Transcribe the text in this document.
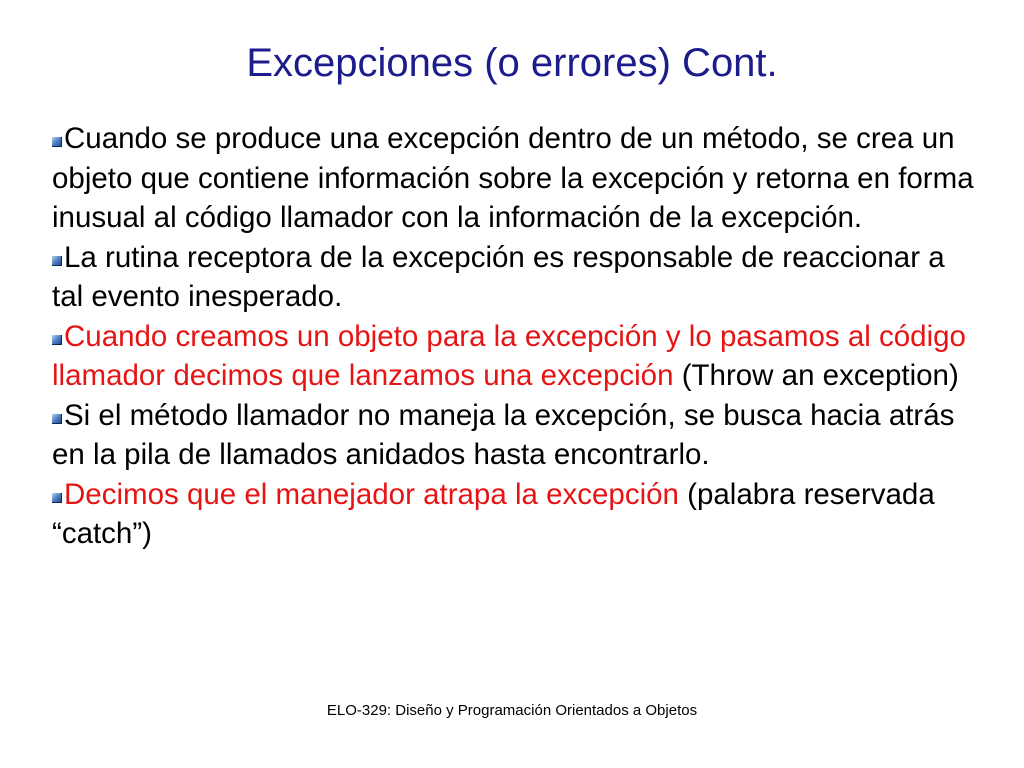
Excepciones (o errores) Cont.
Cuando se produce una excepción dentro de un método, se crea un objeto que contiene información sobre la excepción y retorna en forma inusual al código llamador con la información de la excepción.
La rutina receptora de la excepción es responsable de reaccionar a tal evento inesperado.
Cuando creamos un objeto para la excepción y lo pasamos al código llamador decimos que lanzamos una excepción (Throw an exception)
Si el método llamador no maneja la excepción, se busca hacia atrás en la pila de llamados anidados hasta encontrarlo.
Decimos que el manejador atrapa la excepción (palabra reservada “catch”)

ELO-329: Diseño y Programación Orientados a Objetos
